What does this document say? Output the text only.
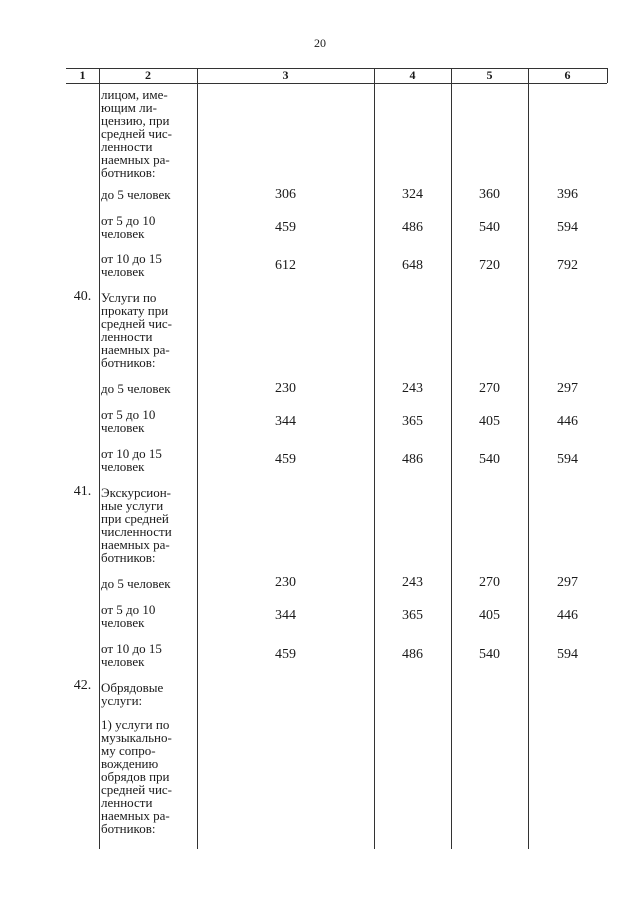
20
1	2	3	4	5	6
лицом, име-
ющим ли-
цензию, при
средней чис-
ленности
наемных ра-
ботников:
до 5 человек	306	324	360	396
от 5 до 10
человек	459	486	540	594
от 10 до 15
человек	612	648	720	792
40. Услуги по
прокату при
средней чис-
ленности
наемных ра-
ботников:
до 5 человек	230	243	270	297
от 5 до 10
человек	344	365	405	446
от 10 до 15
человек	459	486	540	594
41. Экскурсион-
ные услуги
при средней
численности
наемных ра-
ботников:
до 5 человек	230	243	270	297
от 5 до 10
человек	344	365	405	446
от 10 до 15
человек	459	486	540	594
42. Обрядовые
услуги:
1) услуги по
музыкально-
му сопро-
вождению
обрядов при
средней чис-
ленности
наемных ра-
ботников:
